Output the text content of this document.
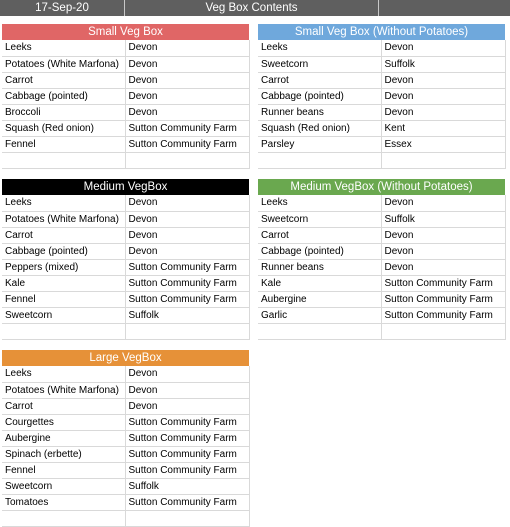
17-Sep-20	Veg Box Contents
Small Veg Box
Leeks	Devon
Potatoes (White Marfona)	Devon
Carrot	Devon
Cabbage (pointed)	Devon
Broccoli	Devon
Squash (Red onion)	Sutton Community Farm
Fennel	Sutton Community Farm

Small Veg Box (Without Potatoes)
Leeks	Devon
Sweetcorn	Suffolk
Carrot	Devon
Cabbage (pointed)	Devon
Runner beans	Devon
Squash (Red onion)	Kent
Parsley	Essex

Medium VegBox
Leeks	Devon
Potatoes (White Marfona)	Devon
Carrot	Devon
Cabbage (pointed)	Devon
Peppers (mixed)	Sutton Community Farm
Kale	Sutton Community Farm
Fennel	Sutton Community Farm
Sweetcorn	Suffolk

Medium VegBox (Without Potatoes)
Leeks	Devon
Sweetcorn	Suffolk
Carrot	Devon
Cabbage (pointed)	Devon
Runner beans	Devon
Kale	Sutton Community Farm
Aubergine	Sutton Community Farm
Garlic	Sutton Community Farm

Large VegBox
Leeks	Devon
Potatoes (White Marfona)	Devon
Carrot	Devon
Courgettes	Sutton Community Farm
Aubergine	Sutton Community Farm
Spinach (erbette)	Sutton Community Farm
Fennel	Sutton Community Farm
Sweetcorn	Suffolk
Tomatoes	Sutton Community Farm
